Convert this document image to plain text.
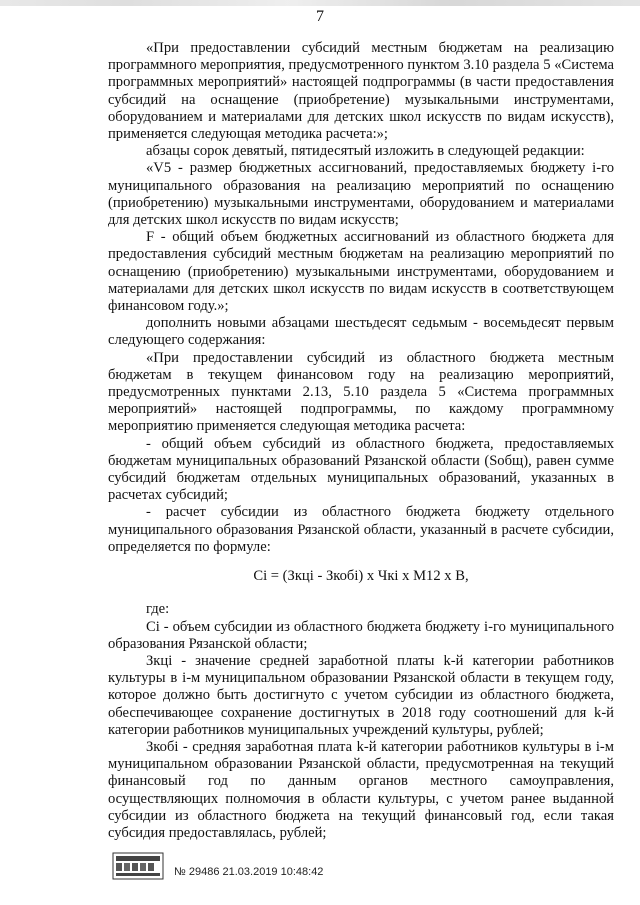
7

«При предоставлении субсидий местным бюджетам на реализацию программного мероприятия, предусмотренного пунктом 3.10 раздела 5 «Система программных мероприятий» настоящей подпрограммы (в части предоставления субсидий на оснащение (приобретение) музыкальными инструментами, оборудованием и материалами для детских школ искусств по видам искусств), применяется следующая методика расчета:»;

абзацы сорок девятый, пятидесятый изложить в следующей редакции:

«V5 - размер бюджетных ассигнований, предоставляемых бюджету i-го муниципального образования на реализацию мероприятий по оснащению (приобретению) музыкальными инструментами, оборудованием и материалами для детских школ искусств по видам искусств;

F - общий объем бюджетных ассигнований из областного бюджета для предоставления субсидий местным бюджетам на реализацию мероприятий по оснащению (приобретению) музыкальными инструментами, оборудованием и материалами для детских школ искусств по видам искусств в соответствующем финансовом году.»;

дополнить новыми абзацами шестьдесят седьмым - восемьдесят первым следующего содержания:

«При предоставлении субсидий из областного бюджета местным бюджетам в текущем финансовом году на реализацию мероприятий, предусмотренных пунктами 2.13, 5.10 раздела 5 «Система программных мероприятий» настоящей подпрограммы, по каждому программному мероприятию применяется следующая методика расчета:

- общий объем субсидий из областного бюджета, предоставляемых бюджетам муниципальных образований Рязанской области (Sобщ), равен сумме субсидий бюджетам отдельных муниципальных образований, указанных в расчетах субсидий;

- расчет субсидии из областного бюджета бюджету отдельного муниципального образования Рязанской области, указанный в расчете субсидии, определяется по формуле:

Ci = (Зкцi - Зкобi) x Чкi x М12 x В,

где:

Ci - объем субсидии из областного бюджета бюджету i-го муниципального образования Рязанской области;

Зкцi - значение средней заработной платы k-й категории работников культуры в i-м муниципальном образовании Рязанской области в текущем году, которое должно быть достигнуто с учетом субсидии из областного бюджета, обеспечивающее сохранение достигнутых в 2018 году соотношений для k-й категории работников муниципальных учреждений культуры, рублей;

Зкобi - средняя заработная плата k-й категории работников культуры в i-м муниципальном образовании Рязанской области, предусмотренная на текущий финансовый год по данным органов местного самоуправления, осуществляющих полномочия в области культуры, с учетом ранее выданной субсидии из областного бюджета на текущий финансовый год, если такая субсидия предоставлялась, рублей;

№ 29486 21.03.2019 10:48:42
